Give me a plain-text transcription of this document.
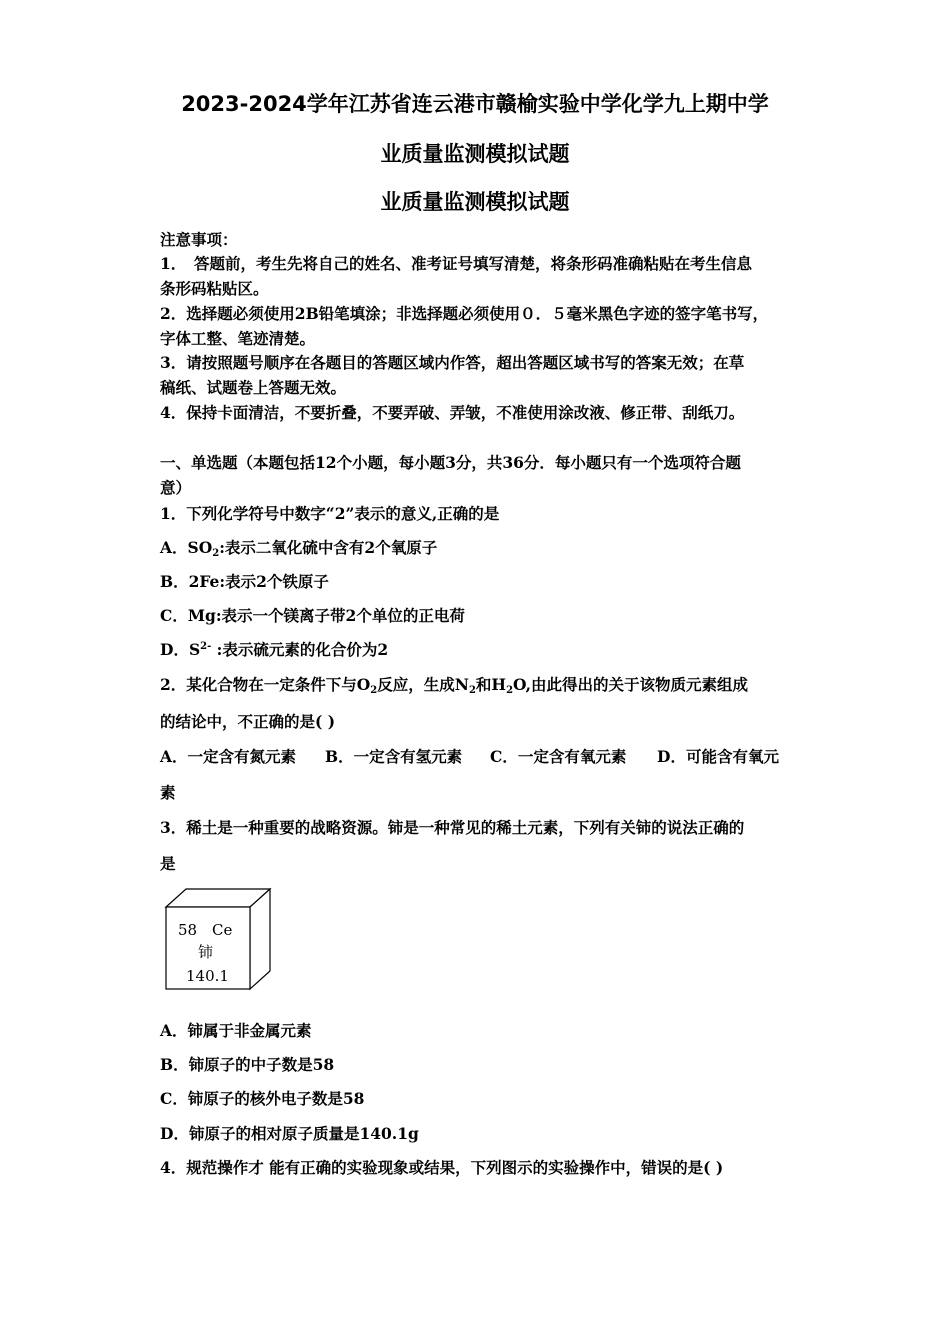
2023-2024学年江苏省连云港市赣榆实验中学化学九上期中学
业质量监测模拟试题
业质量监测模拟试题
注意事项：
1．　答题前，考生先将自己的姓名、准考证号填写清楚，将条形码准确粘贴在考生信息
条形码粘贴区。
2．选择题必须使用2B铅笔填涂；非选择题必须使用０．５毫米黑色字迹的签字笔书写，
字体工整、笔迹清楚。
3．请按照题号顺序在各题目的答题区域内作答，超出答题区域书写的答案无效；在草
稿纸、试题卷上答题无效。
4．保持卡面清洁，不要折叠，不要弄破、弄皱，不准使用涂改液、修正带、刮纸刀。
一、单选题（本题包括12个小题，每小题3分，共36分．每小题只有一个选项符合题
意）
1．下列化学符号中数字“2”表示的意义,正确的是
A．SO2:表示二氧化硫中含有2个氧原子
B．2Fe:表示2个铁原子
C．Mg:表示一个镁离子带2个单位的正电荷
D．$S^{2-}$ :表示硫元素的化合价为2
2．某化合物在一定条件下与O2反应，生成N2和H2O,由此得出的关于该物质元素组成
的结论中，不正确的是( )
A．一定含有氮元素 B．一定含有氢元素 C．一定含有氧元素 D．可能含有氧元
素
3．稀土是一种重要的战略资源。铈是一种常见的稀土元素，下列有关铈的说法正确的
是
58 Ce
铈
140.1
A．铈属于非金属元素
B．铈原子的中子数是58
C．铈原子的核外电子数是58
D．铈原子的相对原子质量是140.1g
4．规范操作才 能有正确的实验现象或结果，下列图示的实验操作中，错误的是( )
